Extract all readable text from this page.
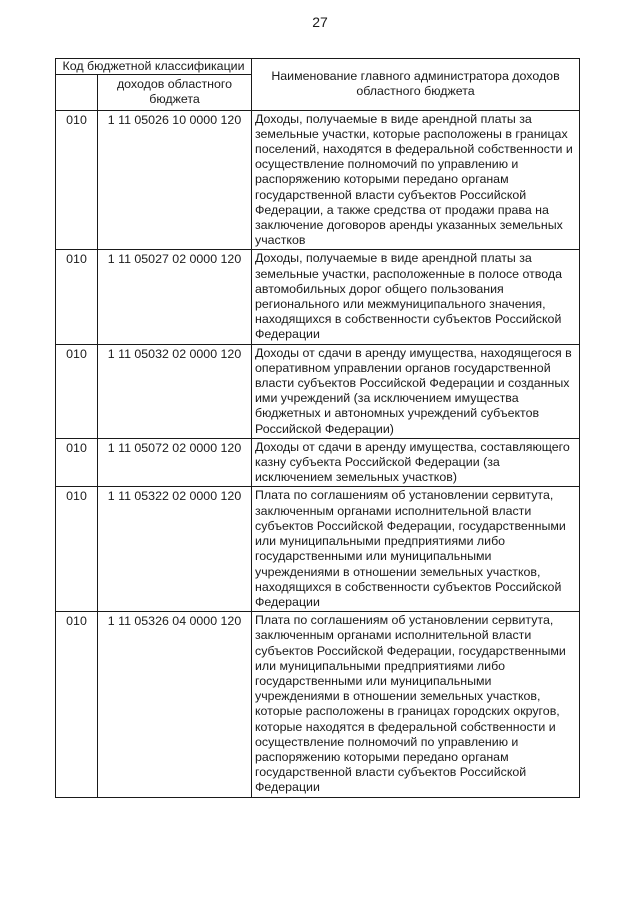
27
Код бюджетной классификации		Наименование главного администратора доходов областного бюджета
	доходов областного бюджета	
010	1 11 05026 10 0000 120	Доходы, получаемые в виде арендной платы за земельные участки, которые расположены в границах поселений, находятся в федеральной собственности и осуществление полномочий по управлению и распоряжению которыми передано органам государственной власти субъектов Российской Федерации, а также средства от продажи права на заключение договоров аренды указанных земельных участков
010	1 11 05027 02 0000 120	Доходы, получаемые в виде арендной платы за земельные участки, расположенные в полосе отвода автомобильных дорог общего пользования регионального или межмуниципального значения, находящихся в собственности субъектов Российской Федерации
010	1 11 05032 02 0000 120	Доходы от сдачи в аренду имущества, находящегося в оперативном управлении органов государственной власти субъектов Российской Федерации и созданных ими учреждений (за исключением имущества бюджетных и автономных учреждений субъектов Российской Федерации)
010	1 11 05072 02 0000 120	Доходы от сдачи в аренду имущества, составляющего казну субъекта Российской Федерации (за исключением земельных участков)
010	1 11 05322 02 0000 120	Плата по соглашениям об установлении сервитута, заключенным органами исполнительной власти субъектов Российской Федерации, государственными или муниципальными предприятиями либо государственными или муниципальными учреждениями в отношении земельных участков, находящихся в собственности субъектов Российской Федерации
010	1 11 05326 04 0000 120	Плата по соглашениям об установлении сервитута, заключенным органами исполнительной власти субъектов Российской Федерации, государственными или муниципальными предприятиями либо государственными или муниципальными учреждениями в отношении земельных участков, которые расположены в границах городских округов, которые находятся в федеральной собственности и осуществление полномочий по управлению и распоряжению которыми передано органам государственной власти субъектов Российской Федерации
